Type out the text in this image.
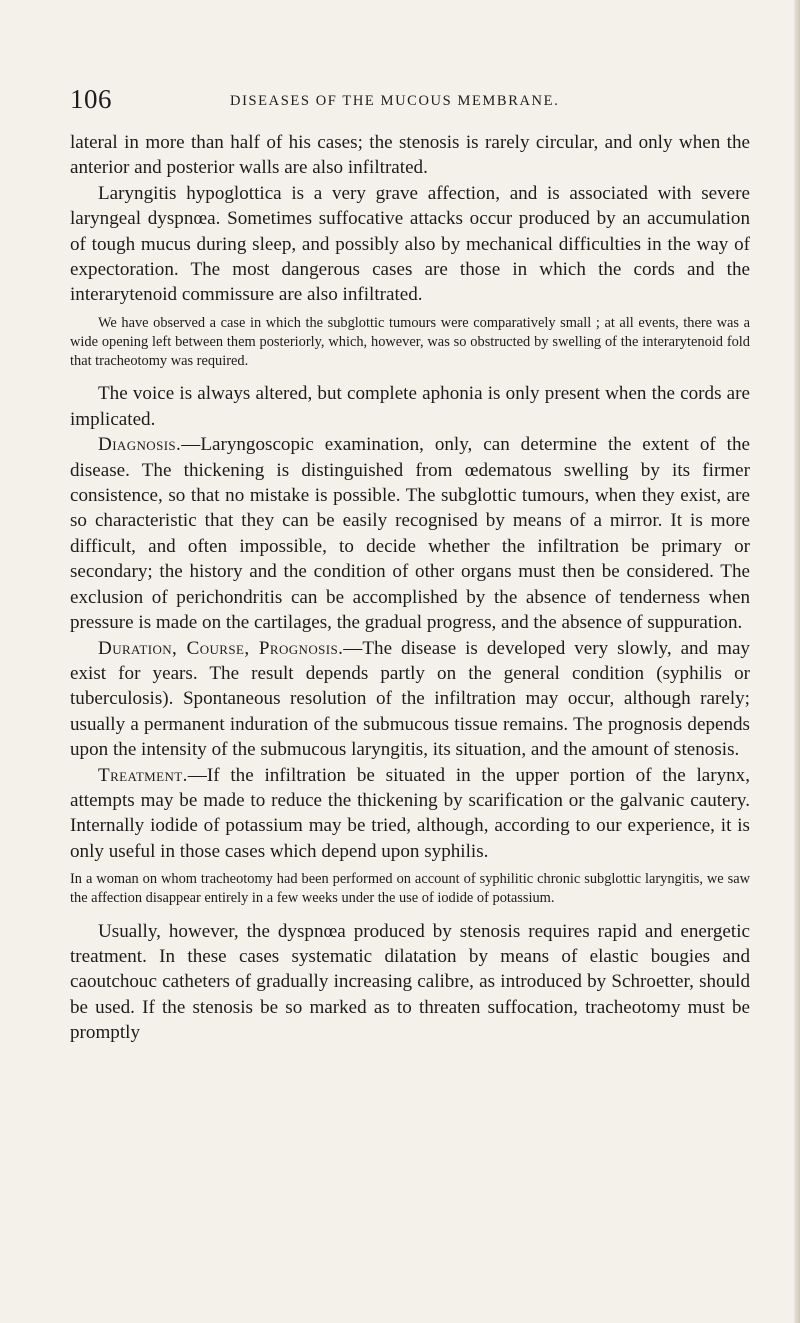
106	DISEASES OF THE MUCOUS MEMBRANE.

lateral in more than half of his cases; the stenosis is rarely circular, and only when the anterior and posterior walls are also infiltrated.

Laryngitis hypoglottica is a very grave affection, and is associated with severe laryngeal dyspnœa. Sometimes suffocative attacks occur produced by an accumulation of tough mucus during sleep, and possibly also by mechanical difficulties in the way of expectoration. The most dangerous cases are those in which the cords and the interarytenoid commissure are also infiltrated.

We have observed a case in which the subglottic tumours were comparatively small ; at all events, there was a wide opening left between them posteriorly, which, however, was so obstructed by swelling of the interarytenoid fold that tracheotomy was required.

The voice is always altered, but complete aphonia is only present when the cords are implicated.

Diagnosis.—Laryngoscopic examination, only, can determine the extent of the disease. The thickening is distinguished from œdematous swelling by its firmer consistence, so that no mistake is possible. The subglottic tumours, when they exist, are so characteristic that they can be easily recognised by means of a mirror. It is more difficult, and often impossible, to decide whether the infiltration be primary or secondary; the history and the condition of other organs must then be considered. The exclusion of perichondritis can be accomplished by the absence of tenderness when pressure is made on the cartilages, the gradual progress, and the absence of suppuration.

Duration, Course, Prognosis.—The disease is developed very slowly, and may exist for years. The result depends partly on the general condition (syphilis or tuberculosis). Spontaneous resolution of the infiltration may occur, although rarely; usually a permanent induration of the submucous tissue remains. The prognosis depends upon the intensity of the submucous laryngitis, its situation, and the amount of stenosis.

Treatment.—If the infiltration be situated in the upper portion of the larynx, attempts may be made to reduce the thickening by scarification or the galvanic cautery. Internally iodide of potassium may be tried, although, according to our experience, it is only useful in those cases which depend upon syphilis.

In a woman on whom tracheotomy had been performed on account of syphilitic chronic subglottic laryngitis, we saw the affection disappear entirely in a few weeks under the use of iodide of potassium.

Usually, however, the dyspnœa produced by stenosis requires rapid and energetic treatment. In these cases systematic dilatation by means of elastic bougies and caoutchouc catheters of gradually increasing calibre, as introduced by Schroetter, should be used. If the stenosis be so marked as to threaten suffocation, tracheotomy must be promptly
